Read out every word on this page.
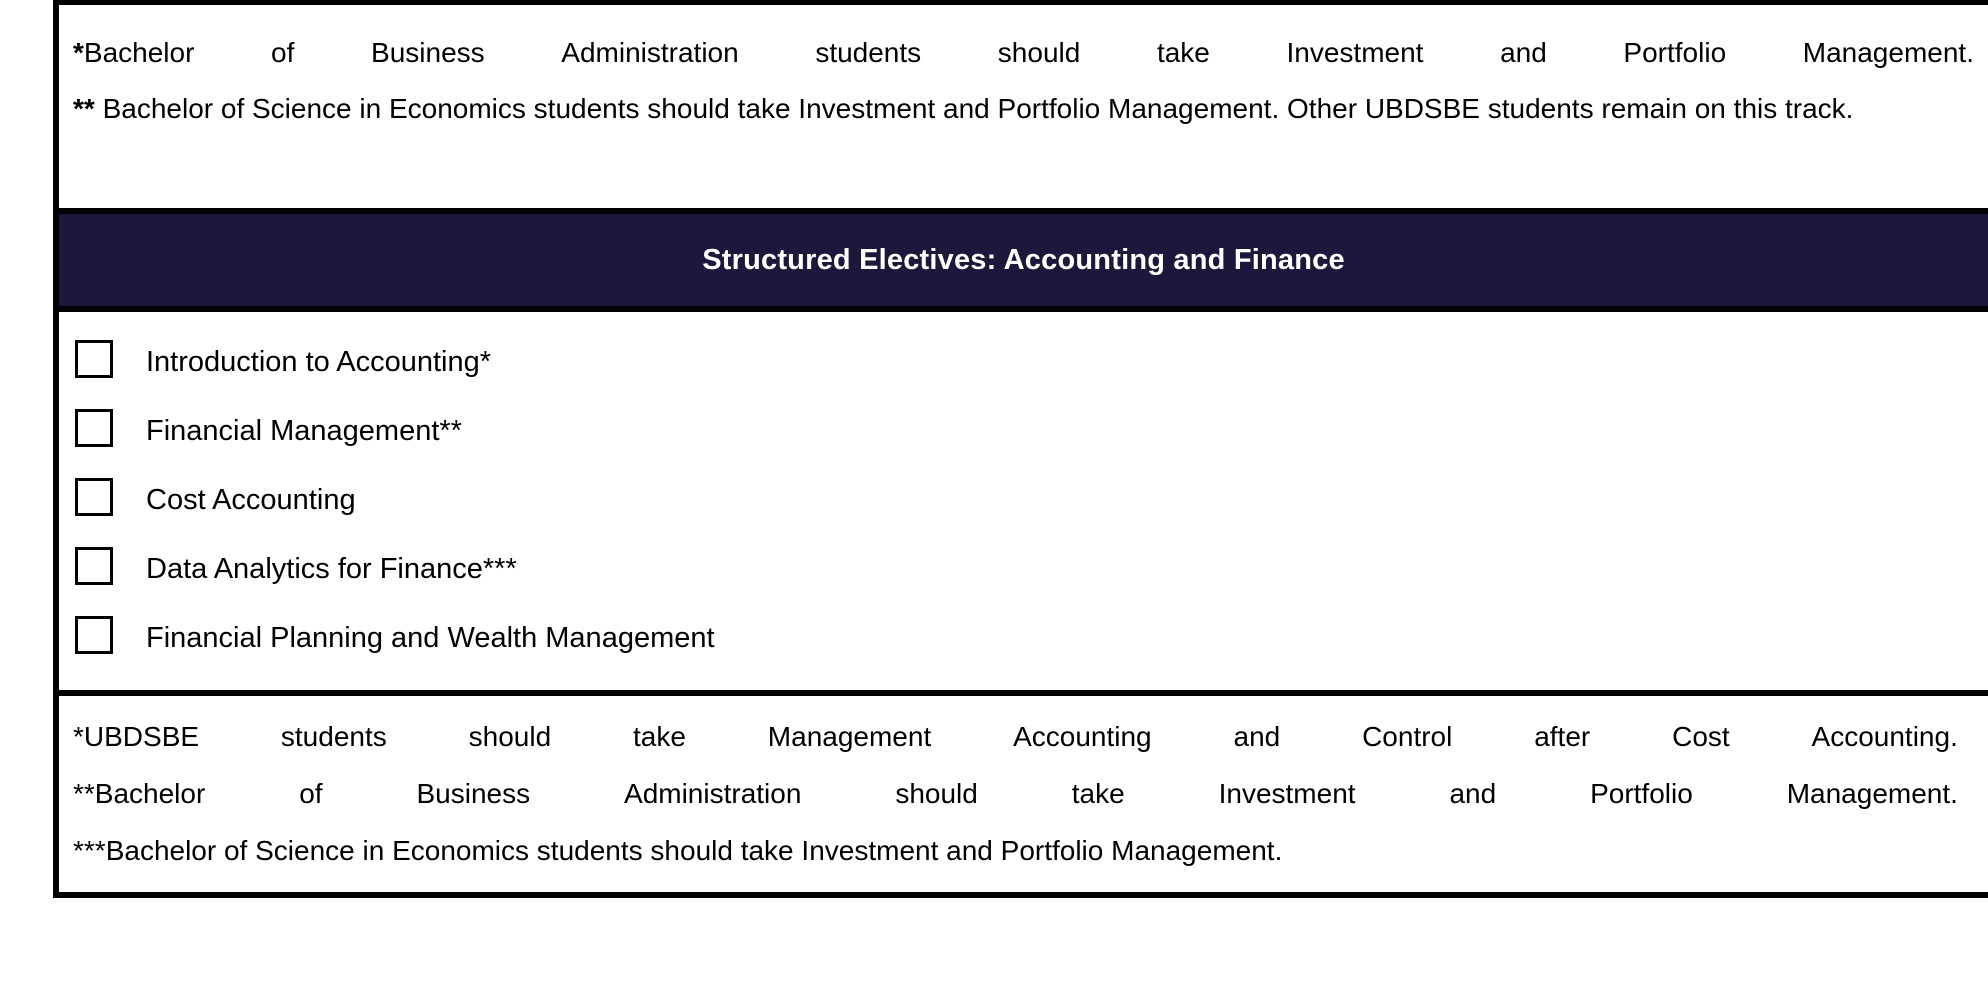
*Bachelor	of	Business	Administration	students	should	take	Investment	and	Portfolio	Management.
** Bachelor of Science in Economics students should take Investment and Portfolio Management. Other UBDSBE students remain on this track.
Structured Electives: Accounting and Finance
Introduction to Accounting*
Financial Management**
Cost Accounting
Data Analytics for Finance***
Financial Planning and Wealth Management
*UBDSBE	students	should	take	Management	Accounting	and	Control	after	Cost	Accounting.
**Bachelor	of	Business	Administration	should	take	Investment	and	Portfolio	Management.
***Bachelor of Science in Economics students should take Investment and Portfolio Management.
